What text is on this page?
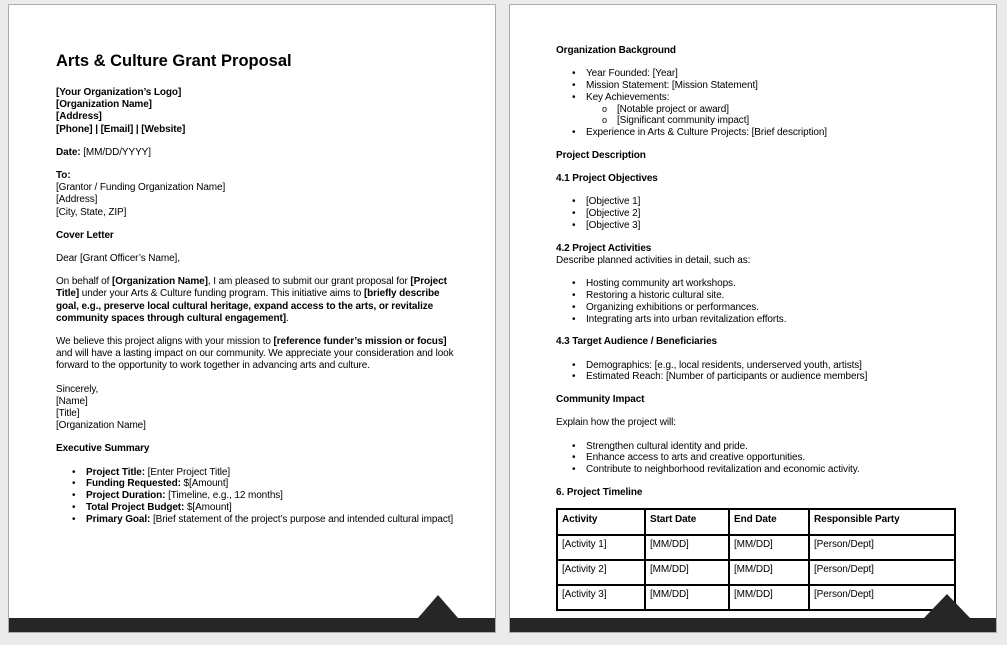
Arts & Culture Grant Proposal
[Your Organization’s Logo]
[Organization Name]
[Address]
[Phone] | [Email] | [Website]
Date: [MM/DD/YYYY]
To:
[Grantor / Funding Organization Name]
[Address]
[City, State, ZIP]
Cover Letter
Dear [Grant Officer’s Name],
On behalf of [Organization Name], I am pleased to submit our grant proposal for [Project Title] under your Arts & Culture funding program. This initiative aims to [briefly describe goal, e.g., preserve local cultural heritage, expand access to the arts, or revitalize community spaces through cultural engagement].
We believe this project aligns with your mission to [reference funder’s mission or focus] and will have a lasting impact on our community. We appreciate your consideration and look forward to the opportunity to work together in advancing arts and culture.
Sincerely,
[Name]
[Title]
[Organization Name]
Executive Summary
• Project Title: [Enter Project Title]
• Funding Requested: $[Amount]
• Project Duration: [Timeline, e.g., 12 months]
• Total Project Budget: $[Amount]
• Primary Goal: [Brief statement of the project’s purpose and intended cultural impact]
Organization Background
• Year Founded: [Year]
• Mission Statement: [Mission Statement]
• Key Achievements:
o [Notable project or award]
o [Significant community impact]
• Experience in Arts & Culture Projects: [Brief description]
Project Description
4.1 Project Objectives
• [Objective 1]
• [Objective 2]
• [Objective 3]
4.2 Project Activities
Describe planned activities in detail, such as:
• Hosting community art workshops.
• Restoring a historic cultural site.
• Organizing exhibitions or performances.
• Integrating arts into urban revitalization efforts.
4.3 Target Audience / Beneficiaries
• Demographics: [e.g., local residents, underserved youth, artists]
• Estimated Reach: [Number of participants or audience members]
Community Impact
Explain how the project will:
• Strengthen cultural identity and pride.
• Enhance access to arts and creative opportunities.
• Contribute to neighborhood revitalization and economic activity.
6. Project Timeline
Activity	Start Date	End Date	Responsible Party
[Activity 1]	[MM/DD]	[MM/DD]	[Person/Dept]
[Activity 2]	[MM/DD]	[MM/DD]	[Person/Dept]
[Activity 3]	[MM/DD]	[MM/DD]	[Person/Dept]
